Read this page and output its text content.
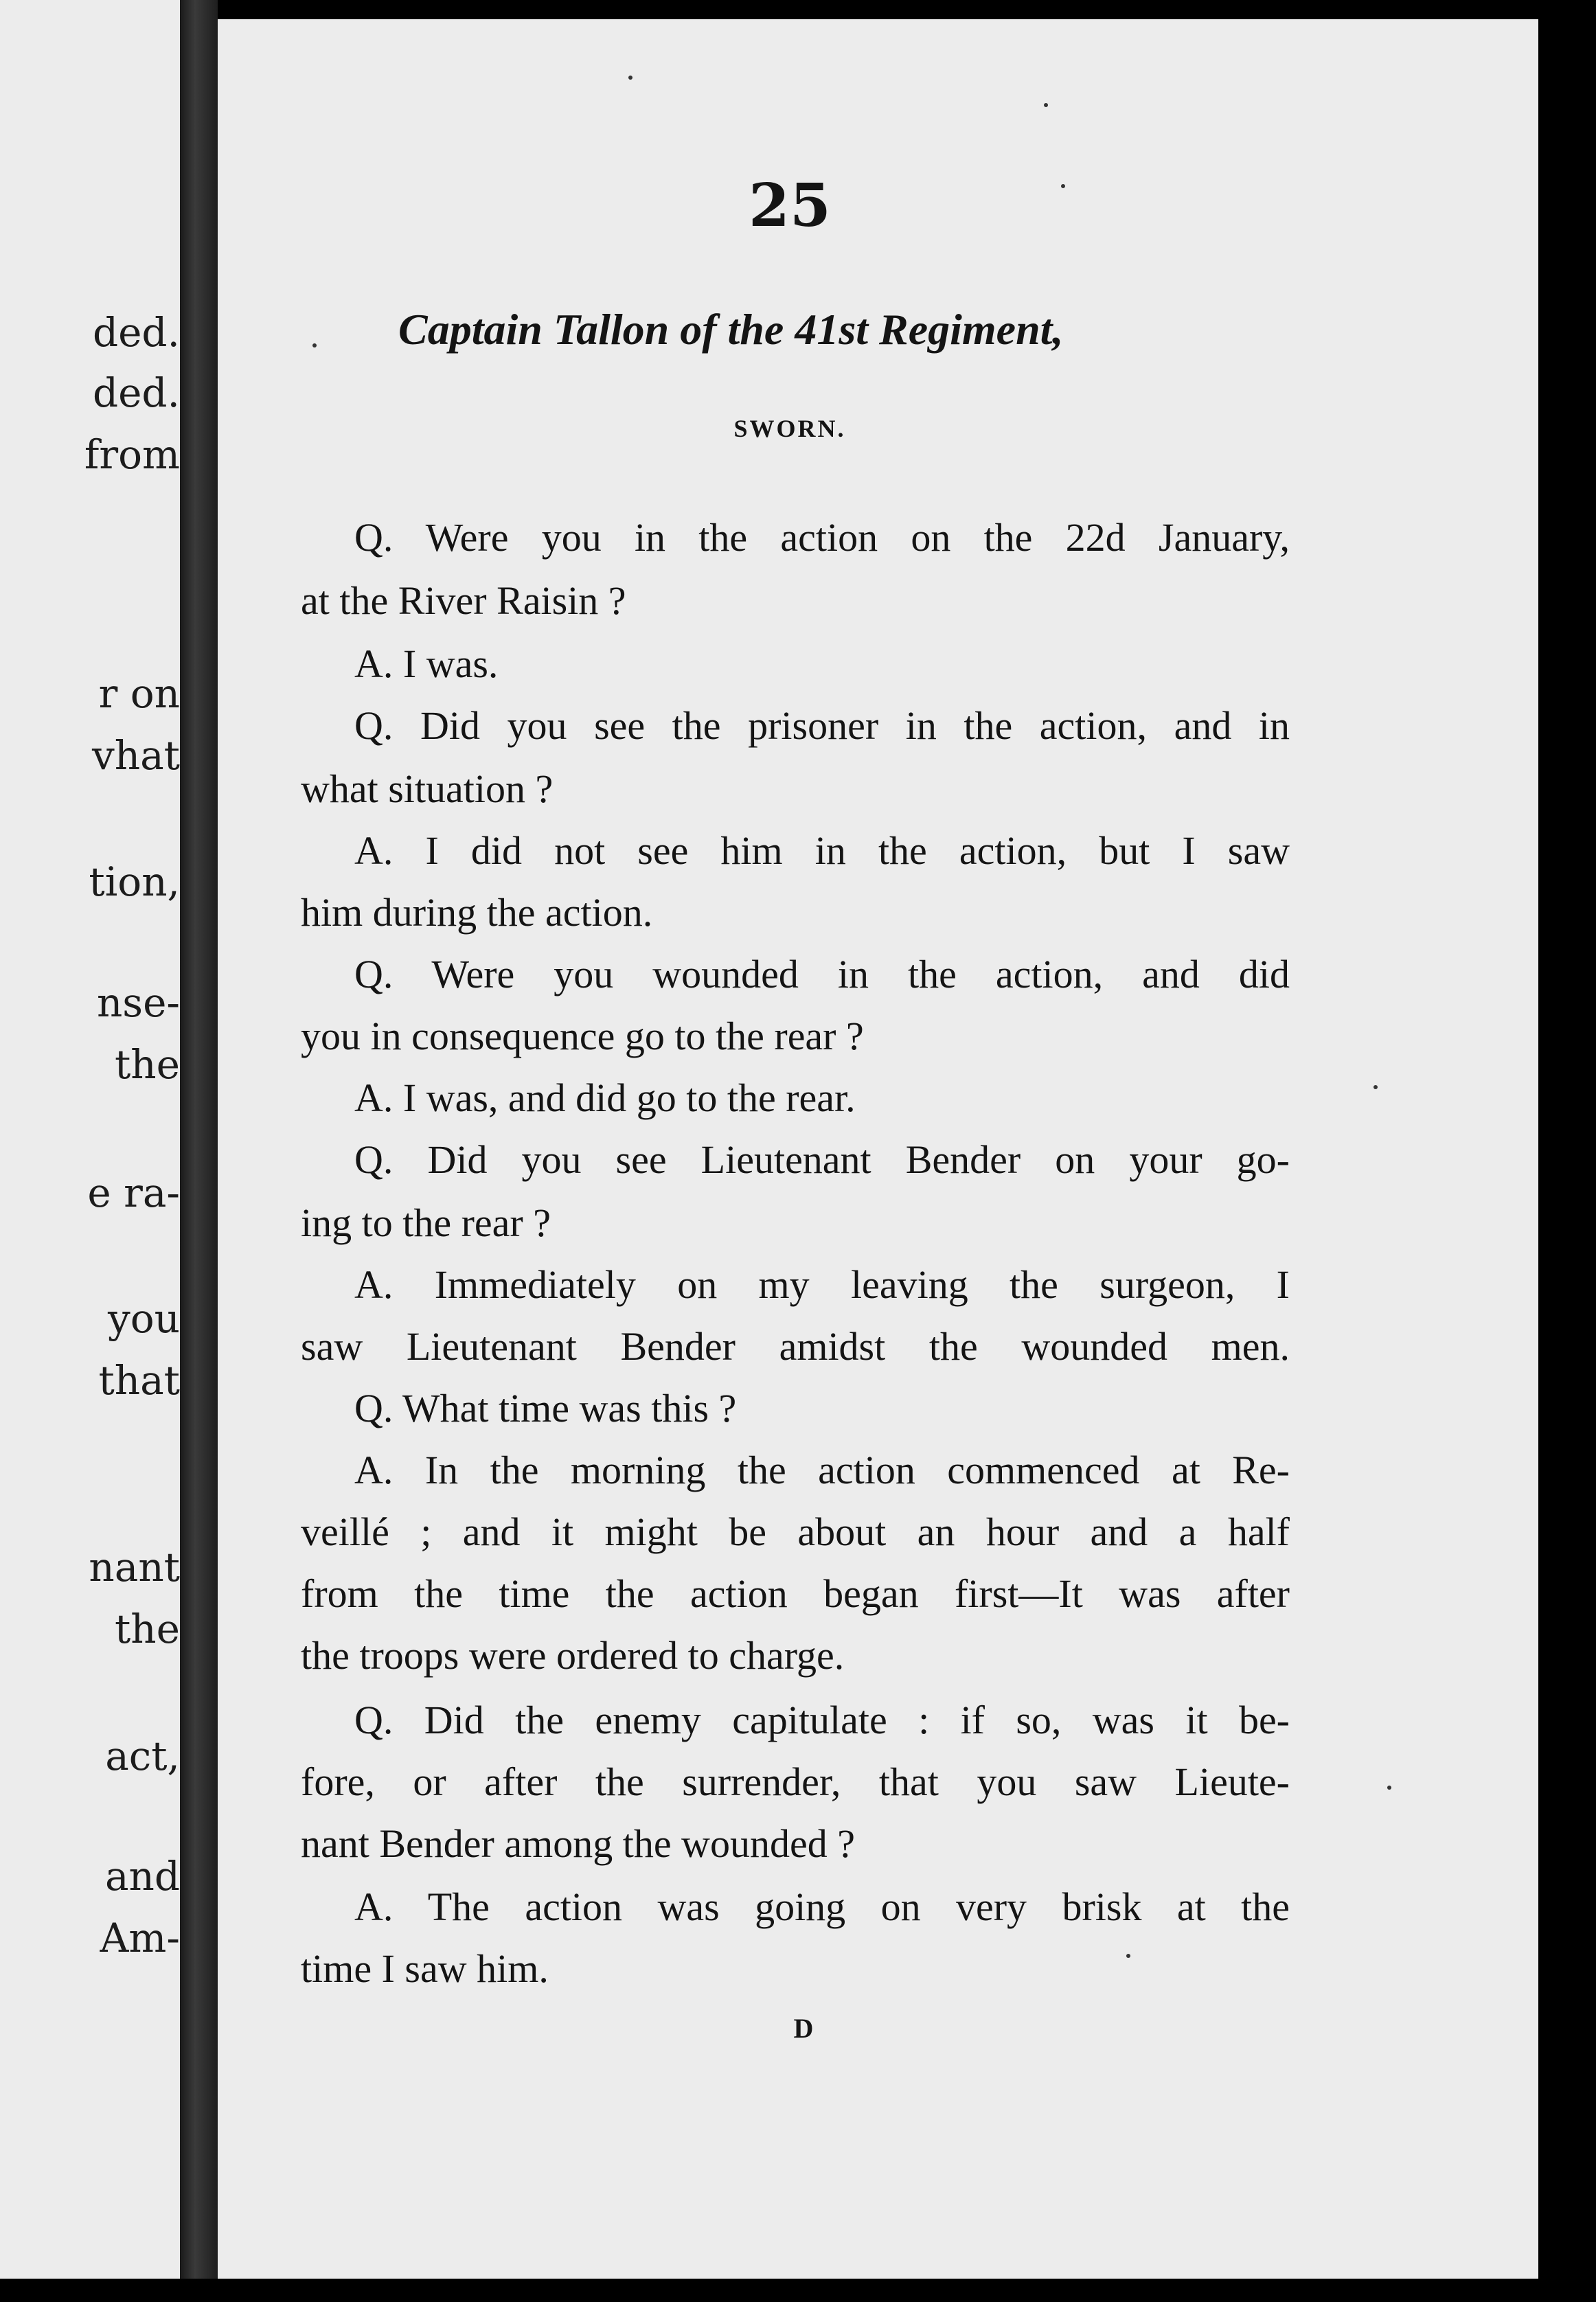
ded.
ded.
from
r on
vhat
tion,
nse-
the
e ra-
you
that
nant
the
act,
and
Am-
25
Captain Tallon of the 41st Regiment,
SWORN.
Q. Were you in the action on the 22d January,
at the River Raisin ?
A. I was.
Q. Did you see the prisoner in the action, and in
what situation ?
A. I did not see him in the action, but I saw
him during the action.
Q. Were you wounded in the action, and did
you in consequence go to the rear ?
A. I was, and did go to the rear.
Q. Did you see Lieutenant Bender on your go-
ing to the rear ?
A. Immediately on my leaving the surgeon, I
saw Lieutenant Bender amidst the wounded men.
Q. What time was this ?
A. In the morning the action commenced at Re-
veillé ; and it might be about an hour and a half
from the time the action began first—It was after
the troops were ordered to charge.
Q. Did the enemy capitulate : if so, was it be-
fore, or after the surrender, that you saw Lieute-
nant Bender among the wounded ?
A. The action was going on very brisk at the
time I saw him.
D
